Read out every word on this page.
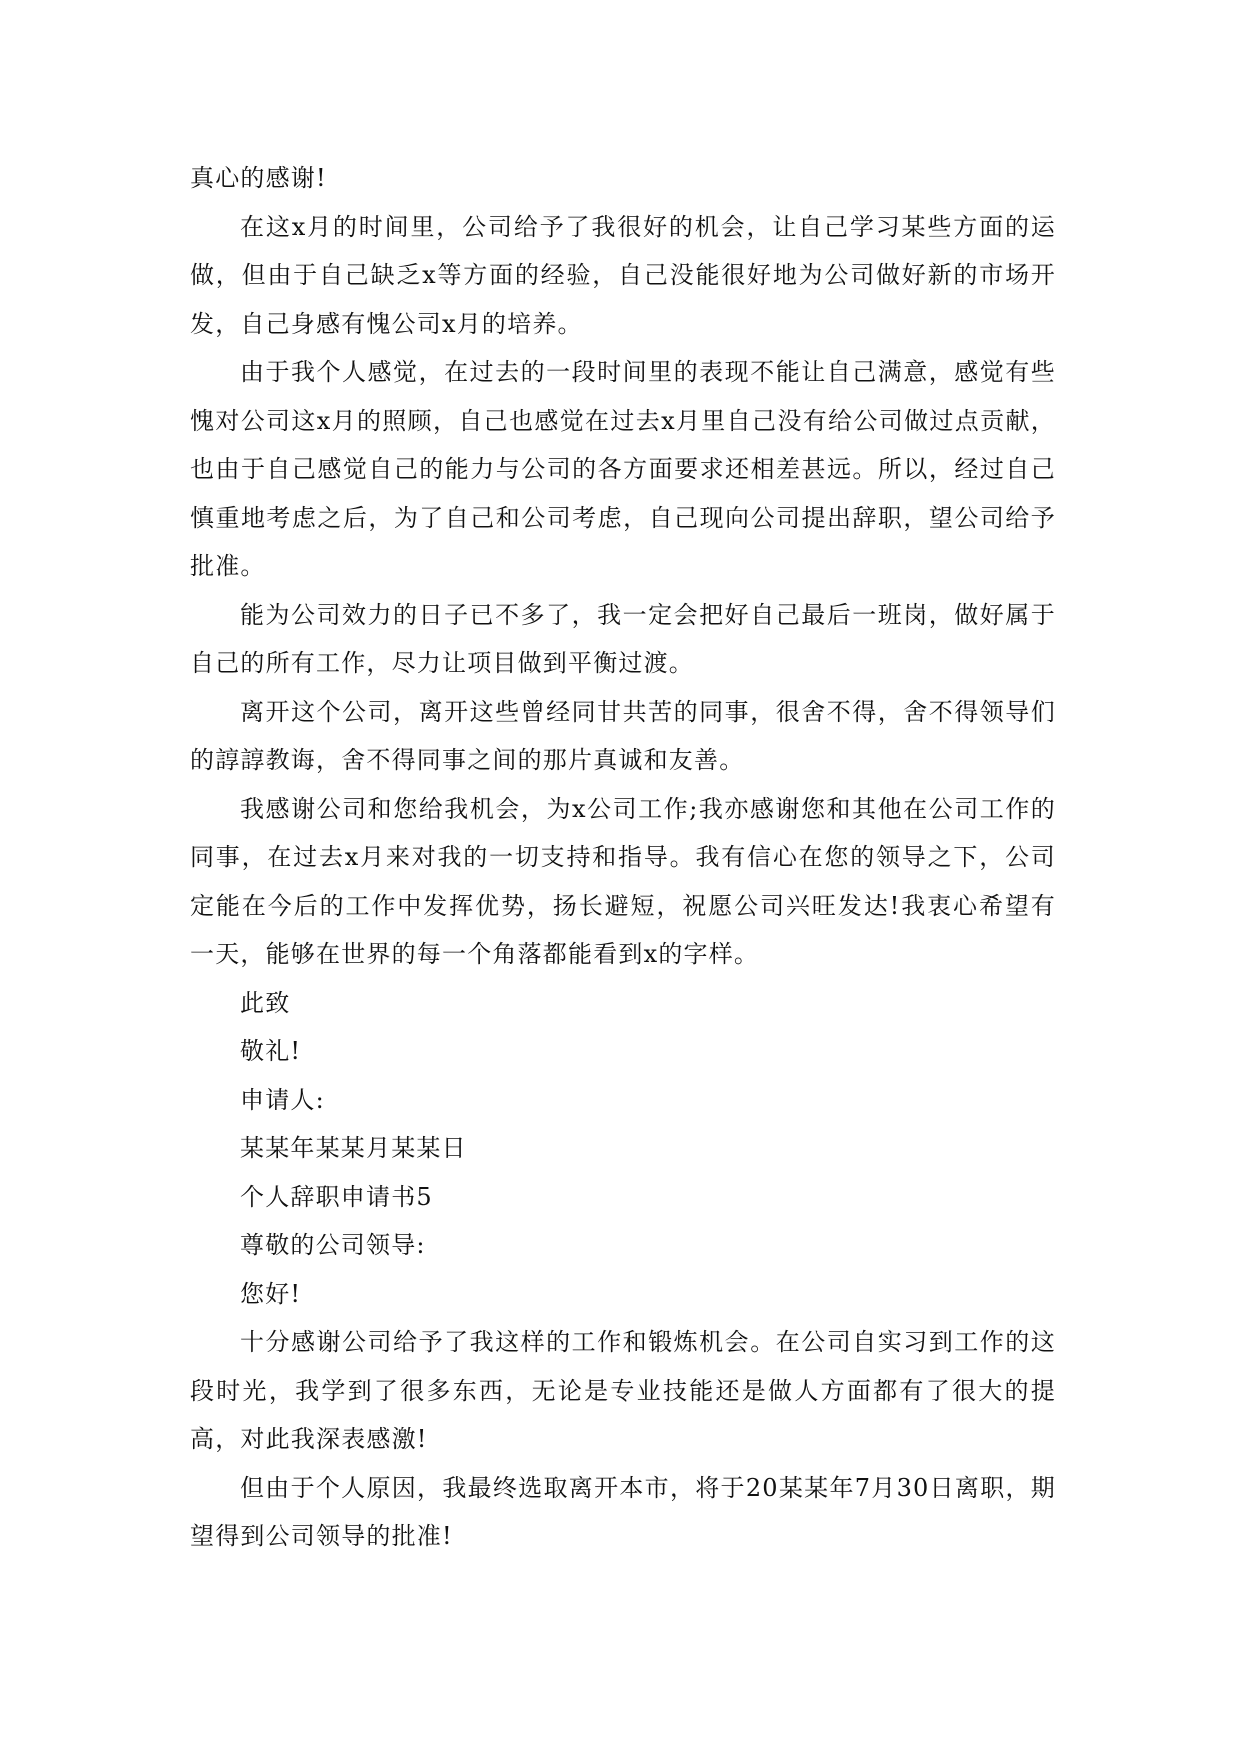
真心的感谢!

在这x月的时间里，公司给予了我很好的机会，让自己学习某些方面的运做，但由于自己缺乏x等方面的经验，自己没能很好地为公司做好新的市场开发，自己身感有愧公司x月的培养。

由于我个人感觉，在过去的一段时间里的表现不能让自己满意，感觉有些愧对公司这x月的照顾，自己也感觉在过去x月里自己没有给公司做过点贡献，也由于自己感觉自己的能力与公司的各方面要求还相差甚远。所以，经过自己慎重地考虑之后，为了自己和公司考虑，自己现向公司提出辞职，望公司给予批准。

能为公司效力的日子已不多了，我一定会把好自己最后一班岗，做好属于自己的所有工作，尽力让项目做到平衡过渡。

离开这个公司，离开这些曾经同甘共苦的同事，很舍不得，舍不得领导们的諄諄教诲，舍不得同事之间的那片真诚和友善。

我感谢公司和您给我机会，为x公司工作;我亦感谢您和其他在公司工作的同事，在过去x月来对我的一切支持和指导。我有信心在您的领导之下，公司定能在今后的工作中发挥优势，扬长避短，祝愿公司兴旺发达!我衷心希望有一天，能够在世界的每一个角落都能看到x的字样。

此致

敬礼!

申请人:

某某年某某月某某日

个人辞职申请书5

尊敬的公司领导:

您好!

十分感谢公司给予了我这样的工作和锻炼机会。在公司自实习到工作的这段时光，我学到了很多东西，无论是专业技能还是做人方面都有了很大的提高，对此我深表感激!

但由于个人原因，我最终选取离开本市，将于20某某年7月30日离职，期望得到公司领导的批准!
